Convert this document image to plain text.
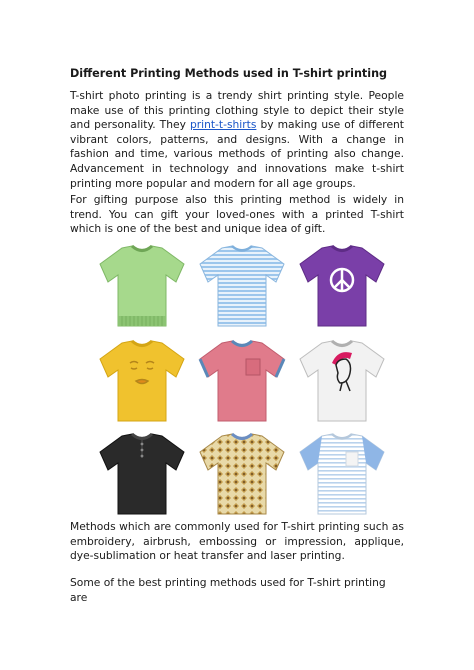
Different Printing Methods used in T-shirt printing
T-shirt photo printing is a trendy shirt printing style. People make use of this printing clothing style to depict their style and personality. They print-t-shirts by making use of different vibrant colors, patterns, and designs. With a change in fashion and time, various methods of printing also change. Advancement in technology and innovations make t-shirt printing more popular and modern for all age groups.
For gifting purpose also this printing method is widely in trend. You can gift your loved-ones with a printed T-shirt which is one of the best and unique idea of gift.
Methods which are commonly used for T-shirt printing such as embroidery, airbrush, embossing or impression, applique, dye-sublimation or heat transfer and laser printing.
Some of the best printing methods used for T-shirt printing are
